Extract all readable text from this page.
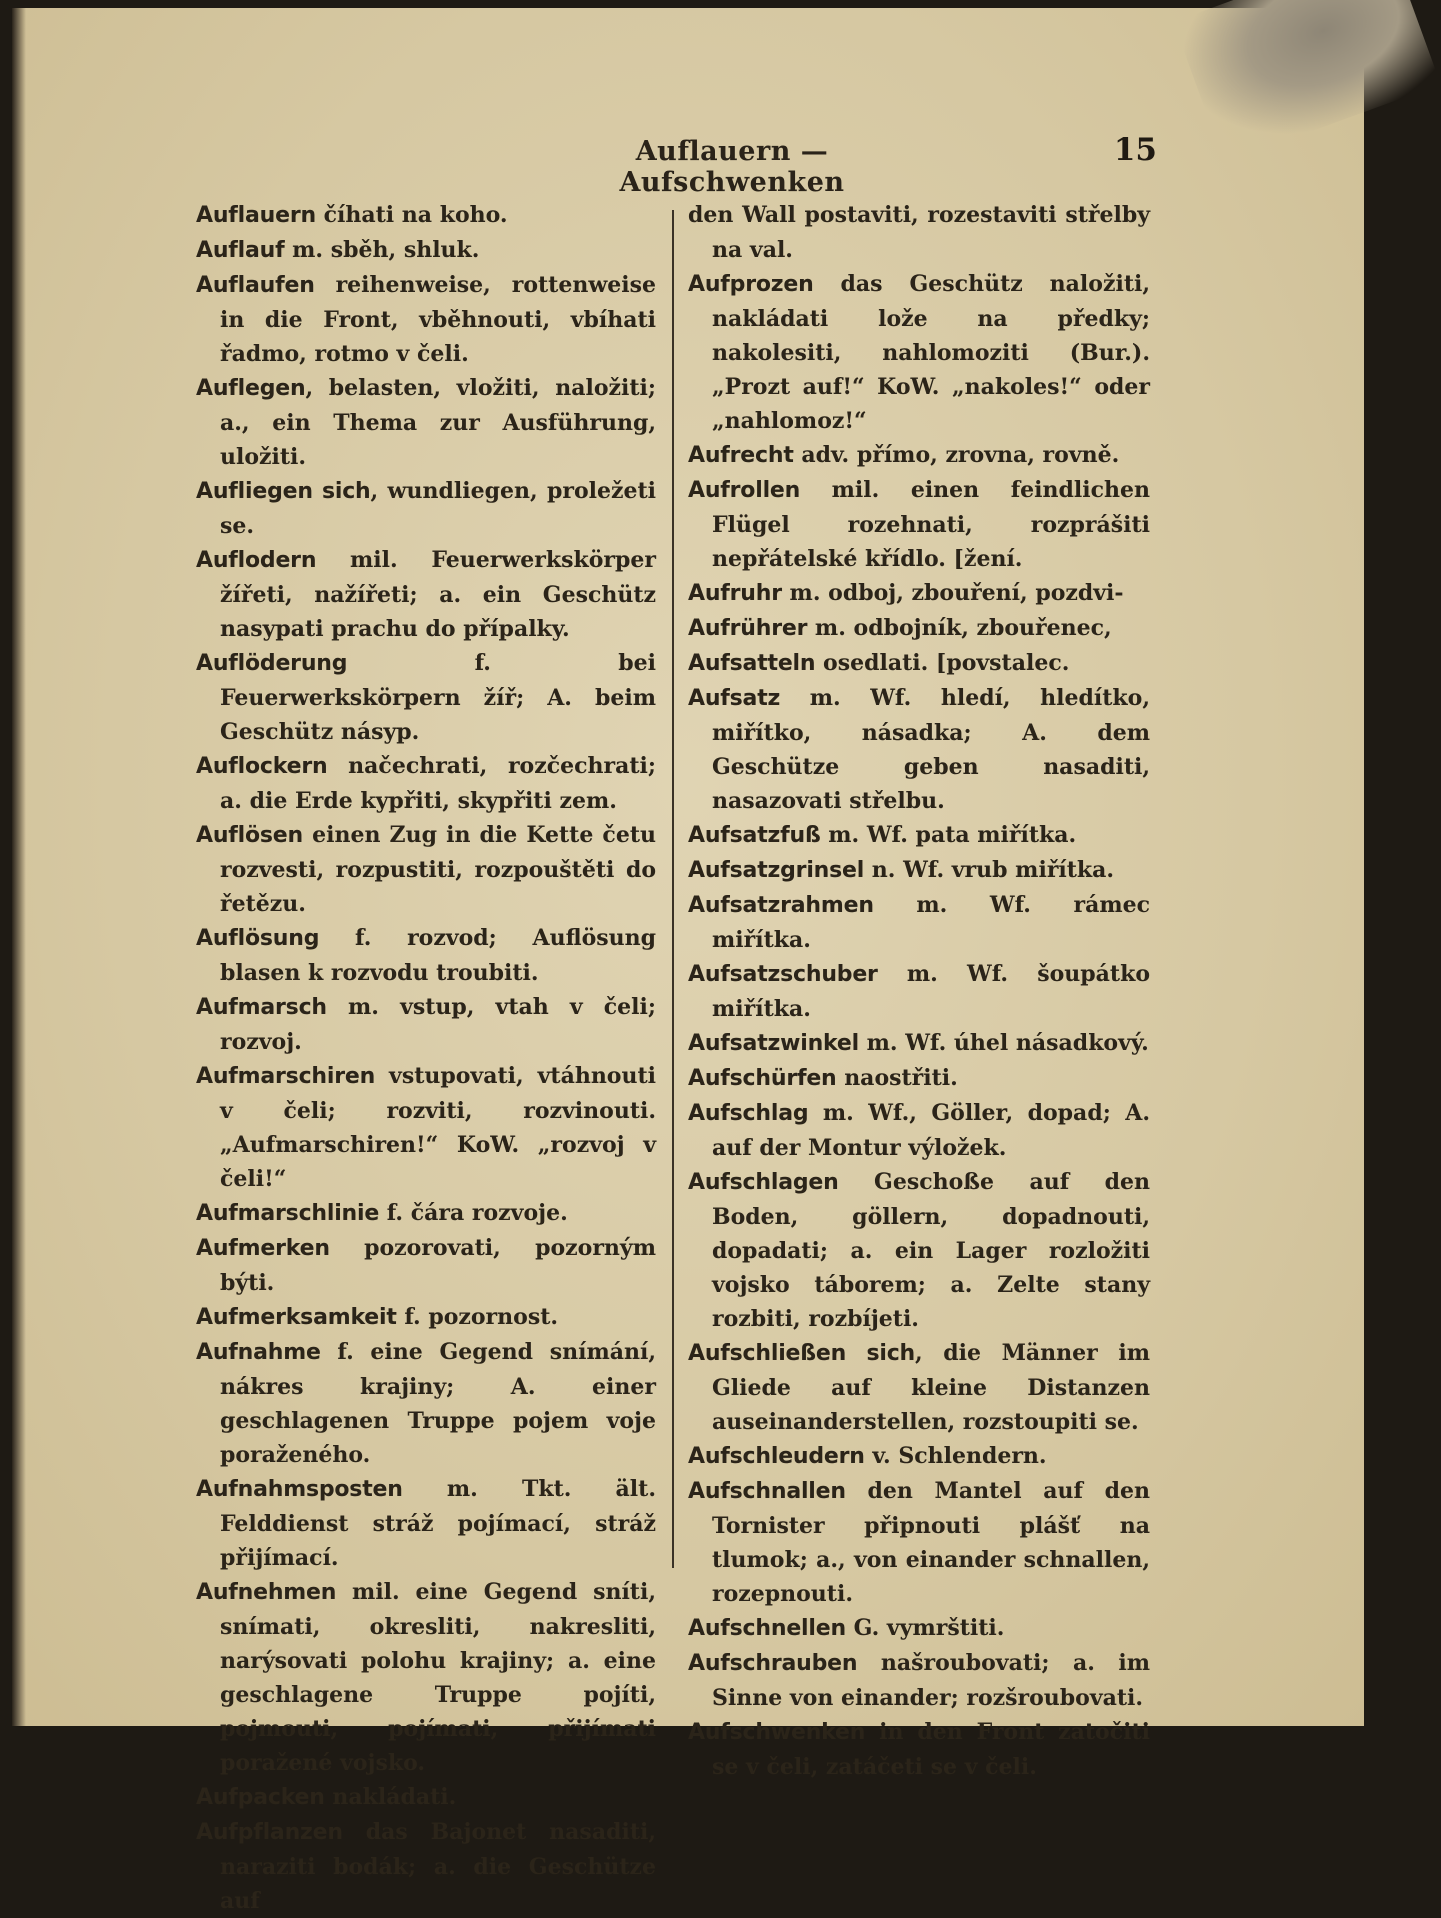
Auflauern — Aufschwenken
15

Auflauern číhati na koho.

Auflauf m. sběh, shluk.

Auflaufen reihenweise, rottenweise in die Front, vběhnouti, vbíhati řadmo, rotmo v čeli.

Auflegen, belasten, vložiti, naložiti; a., ein Thema zur Ausführung, uložiti.

Aufliegen sich, wundliegen, proležeti se.

Auflodern mil. Feuerwerkskörper žířeti, nažířeti; a. ein Geschütz nasypati prachu do přípalky.

Auflöderung f. bei Feuerwerkskörpern žíř; A. beim Geschütz násyp.

Auflockern načechrati, rozčechrati; a. die Erde kypřiti, skypřiti zem.

Auflösen einen Zug in die Kette četu rozvesti, rozpustiti, rozpouštěti do řetězu.

Auflösung f. rozvod; Auflösung blasen k rozvodu troubiti.

Aufmarsch m. vstup, vtah v čeli; rozvoj.

Aufmarschiren vstupovati, vtáhnouti v čeli; rozviti, rozvinouti. „Aufmarschiren!“ KoW. „rozvoj v čeli!“

Aufmarschlinie f. čára rozvoje.

Aufmerken pozorovati, pozorným býti.

Aufmerksamkeit f. pozornost.

Aufnahme f. eine Gegend snímání, nákres krajiny; A. einer geschlagenen Truppe pojem voje poraženého.

Aufnahmsposten m. Tkt. ält. Felddienst stráž pojímací, stráž přijímací.

Aufnehmen mil. eine Gegend sníti, snímati, okresliti, nakresliti, narýsovati polohu krajiny; a. eine geschlagene Truppe pojíti, pojmouti, pojímati, přijímati poražené vojsko.

Aufpacken nakládati.

Aufpflanzen das Bajonet nasaditi, naraziti bodák; a. die Geschütze auf

den Wall postaviti, rozestaviti střelby na val.

Aufprozen das Geschütz naložiti, nakládati lože na předky; nakolesiti, nahlomoziti (Bur.). „Prozt auf!“ KoW. „nakoles!“ oder „nahlomoz!“

Aufrecht adv. přímo, zrovna, rovně.

Aufrollen mil. einen feindlichen Flügel rozehnati, rozprášiti nepřátelské křídlo. [žení.

Aufruhr m. odboj, zbouření, pozdvi-

Aufrührer m. odbojník, zbouřenec,

Aufsatteln osedlati. [povstalec.

Aufsatz m. Wf. hledí, hledítko, miřítko, násadka; A. dem Geschütze geben nasaditi, nasazovati střelbu.

Aufsatzfuß m. Wf. pata miřítka.

Aufsatzgrinsel n. Wf. vrub miřítka.

Aufsatzrahmen m. Wf. rámec miřítka.

Aufsatzschuber m. Wf. šoupátko miřítka.

Aufsatzwinkel m. Wf. úhel násadkový.

Aufschürfen naostřiti.

Aufschlag m. Wf., Göller, dopad; A. auf der Montur výložek.

Aufschlagen Geschoße auf den Boden, göllern, dopadnouti, dopadati; a. ein Lager rozložiti vojsko táborem; a. Zelte stany rozbiti, rozbíjeti.

Aufschließen sich, die Männer im Gliede auf kleine Distanzen auseinanderstellen, rozstoupiti se.

Aufschleudern v. Schlendern.

Aufschnallen den Mantel auf den Tornister připnouti plášť na tlumok; a., von einander schnallen, rozepnouti.

Aufschnellen G. vymrštiti.

Aufschrauben našroubovati; a. im Sinne von einander; rozšroubovati.

Aufschwenken in den Front zatočiti se v čeli, zatáčeti se v čeli.
